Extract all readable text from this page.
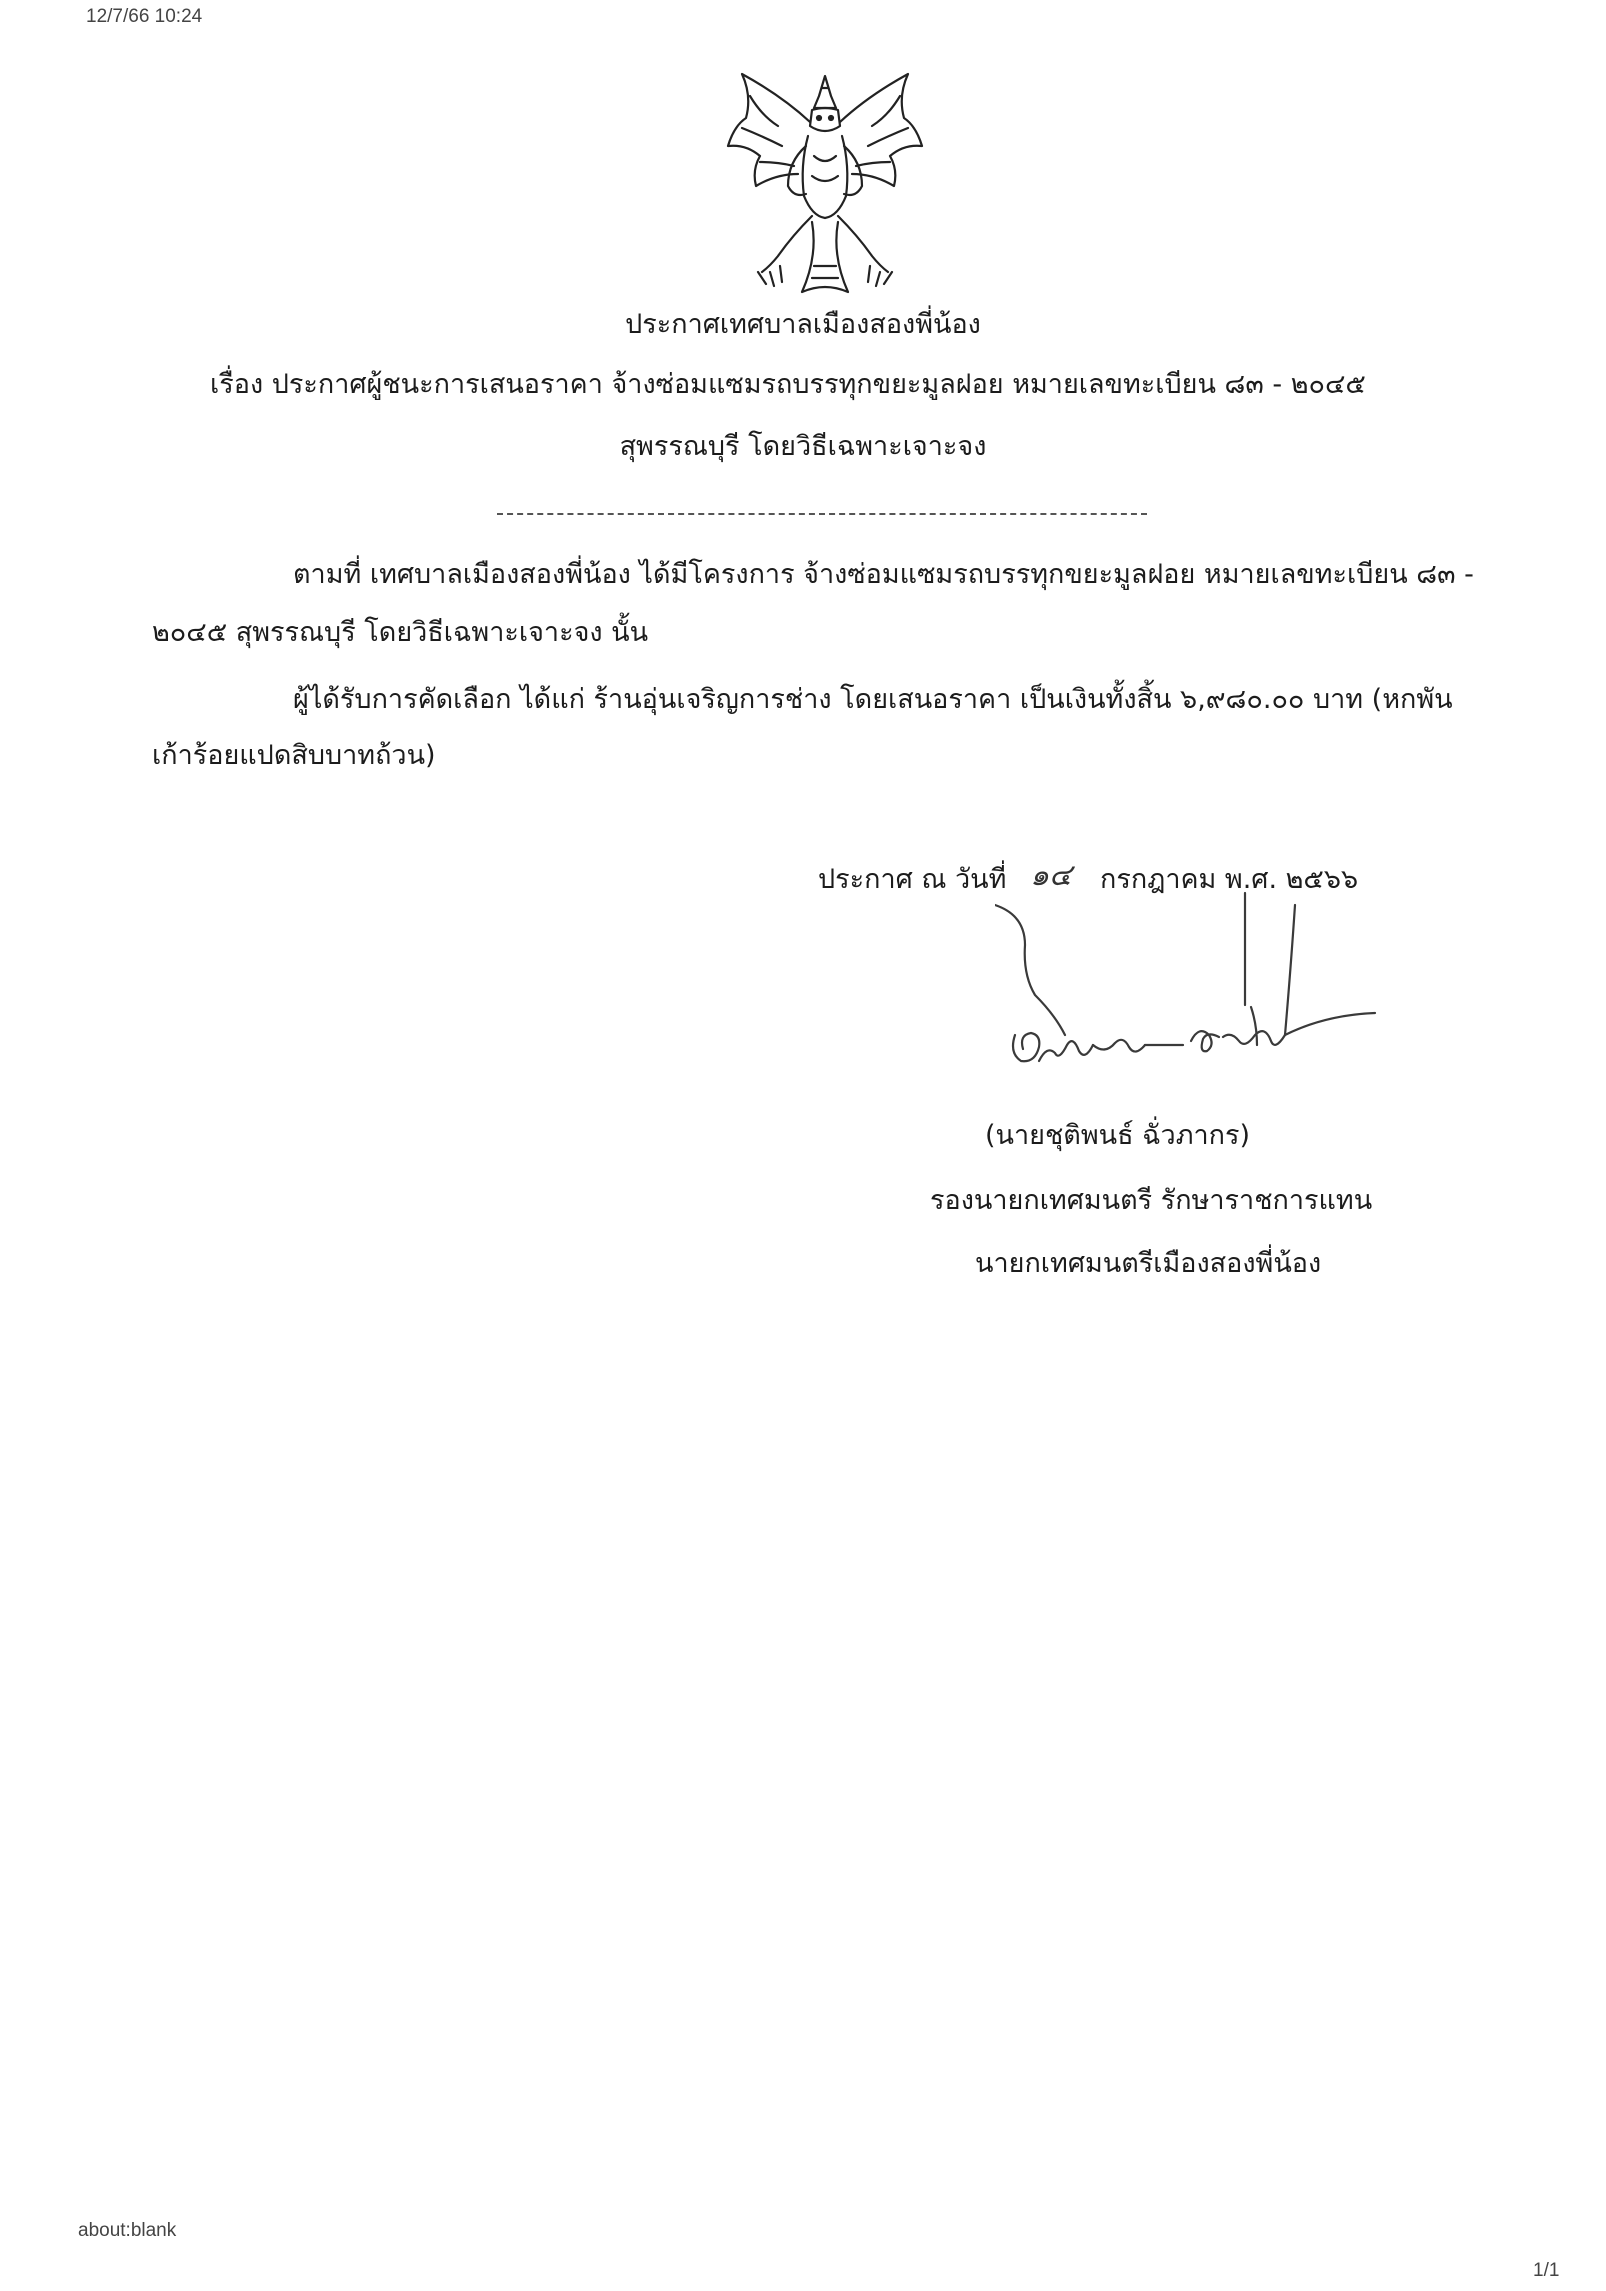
12/7/66 10:24
ประกาศเทศบาลเมืองสองพี่น้อง
เรื่อง ประกาศผู้ชนะการเสนอราคา จ้างซ่อมแซมรถบรรทุกขยะมูลฝอย หมายเลขทะเบียน ๘๓ - ๒๐๔๕
สุพรรณบุรี โดยวิธีเฉพาะเจาะจง
ตามที่ เทศบาลเมืองสองพี่น้อง ได้มีโครงการ จ้างซ่อมแซมรถบรรทุกขยะมูลฝอย หมายเลขทะเบียน ๘๓ -
๒๐๔๕ สุพรรณบุรี โดยวิธีเฉพาะเจาะจง นั้น
ผู้ได้รับการคัดเลือก ได้แก่ ร้านอุ่นเจริญการช่าง โดยเสนอราคา เป็นเงินทั้งสิ้น ๖,๙๘๐.๐๐ บาท (หกพัน
เก้าร้อยแปดสิบบาทถ้วน)
ประกาศ ณ วันที่ ๑๔ กรกฎาคม พ.ศ. ๒๕๖๖
(นายชุติพนธ์ ฉั่วภากร)
รองนายกเทศมนตรี รักษาราชการแทน
นายกเทศมนตรีเมืองสองพี่น้อง
about:blank
1/1
